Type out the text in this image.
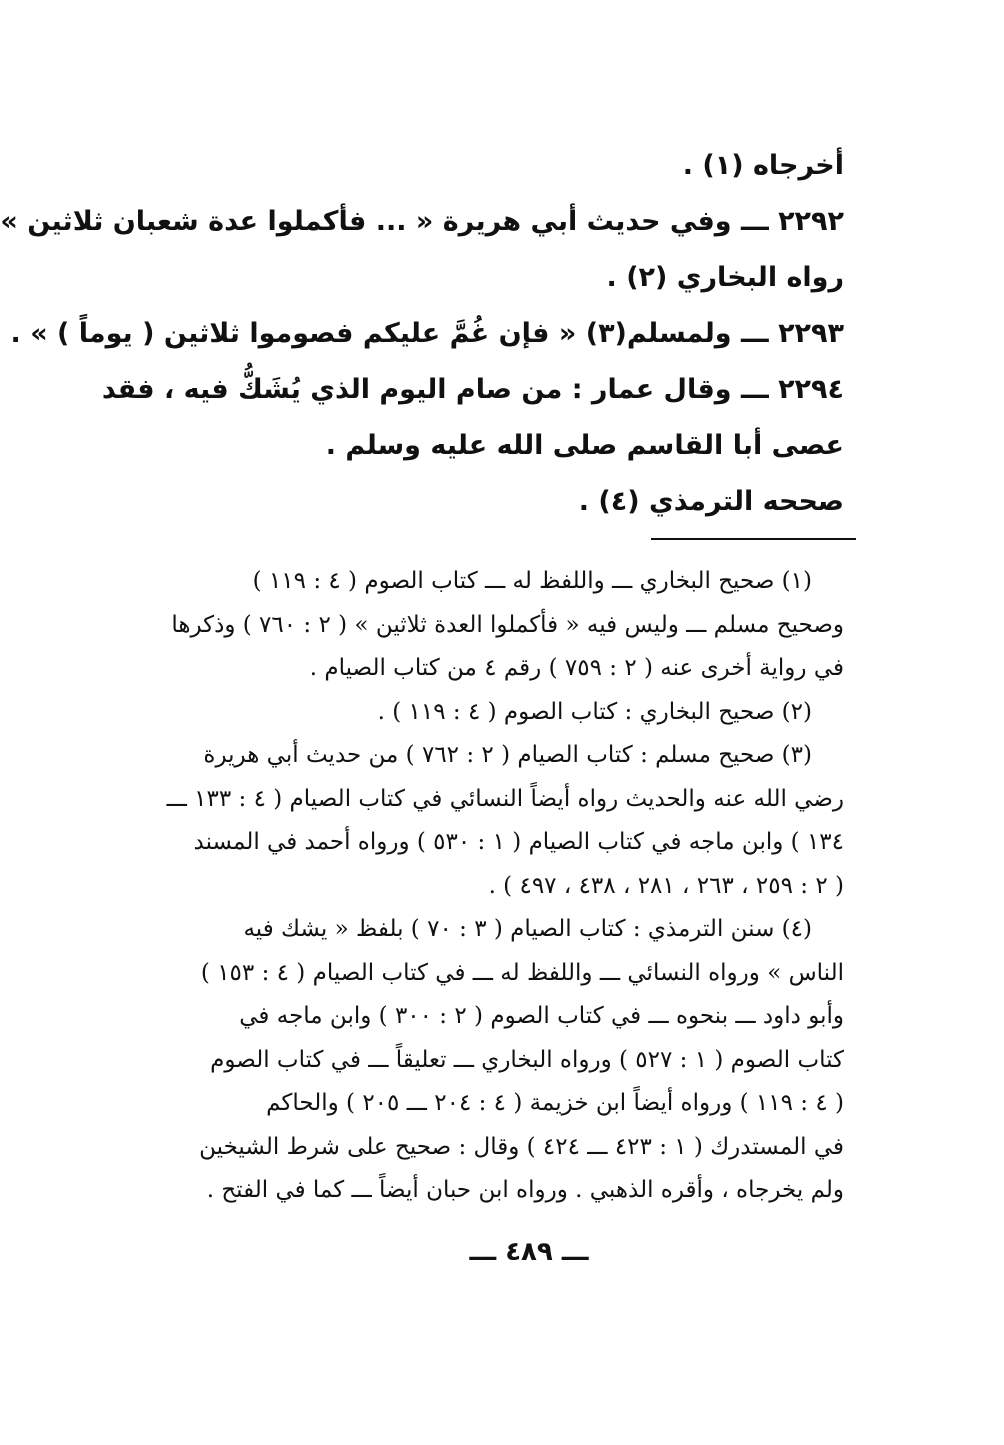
أخرجاه (١) .
٢٢٩٢ ـــ وفي حديث أبي هريرة « ... فأكملوا عدة شعبان ثلاثين »
رواه البخاري (٢) .
٢٢٩٣ ـــ ولمسلم(٣) « فإن غُمَّ عليكم فصوموا ثلاثين ( يوماً ) » .
٢٢٩٤ ـــ وقال عمار : من صام اليوم الذي يُشَكُّ فيه ، فقد
عصى أبا القاسم صلى الله عليه وسلم .
صححه الترمذي (٤) .
(١) صحيح البخاري ـــ واللفظ له ـــ كتاب الصوم ( ٤ : ١١٩ )
وصحيح مسلم ـــ وليس فيه « فأكملوا العدة ثلاثين » ( ٢ : ٧٦٠ ) وذكرها
في رواية أخرى عنه ( ٢ : ٧٥٩ ) رقم ٤ من كتاب الصيام .
(٢) صحيح البخاري : كتاب الصوم ( ٤ : ١١٩ ) .
(٣) صحيح مسلم : كتاب الصيام ( ٢ : ٧٦٢ ) من حديث أبي هريرة
رضي الله عنه والحديث رواه أيضاً النسائي في كتاب الصيام ( ٤ : ١٣٣ ـــ
١٣٤ ) وابن ماجه في كتاب الصيام ( ١ : ٥٣٠ ) ورواه أحمد في المسند
( ٢ : ٢٥٩ ، ٢٦٣ ، ٢٨١ ، ٤٣٨ ، ٤٩٧ ) .
(٤) سنن الترمذي : كتاب الصيام ( ٣ : ٧٠ ) بلفظ « يشك فيه
الناس » ورواه النسائي ـــ واللفظ له ـــ في كتاب الصيام ( ٤ : ١٥٣ )
وأبو داود ـــ بنحوه ـــ في كتاب الصوم ( ٢ : ٣٠٠ ) وابن ماجه في
كتاب الصوم ( ١ : ٥٢٧ ) ورواه البخاري ـــ تعليقاً ـــ في كتاب الصوم
( ٤ : ١١٩ ) ورواه أيضاً ابن خزيمة ( ٤ : ٢٠٤ ـــ ٢٠٥ ) والحاكم
في المستدرك ( ١ : ٤٢٣ ـــ ٤٢٤ ) وقال : صحيح على شرط الشيخين
ولم يخرجاه ، وأقره الذهبي . ورواه ابن حبان أيضاً ـــ كما في الفتح .
ـــ ٤٨٩ ـــ
